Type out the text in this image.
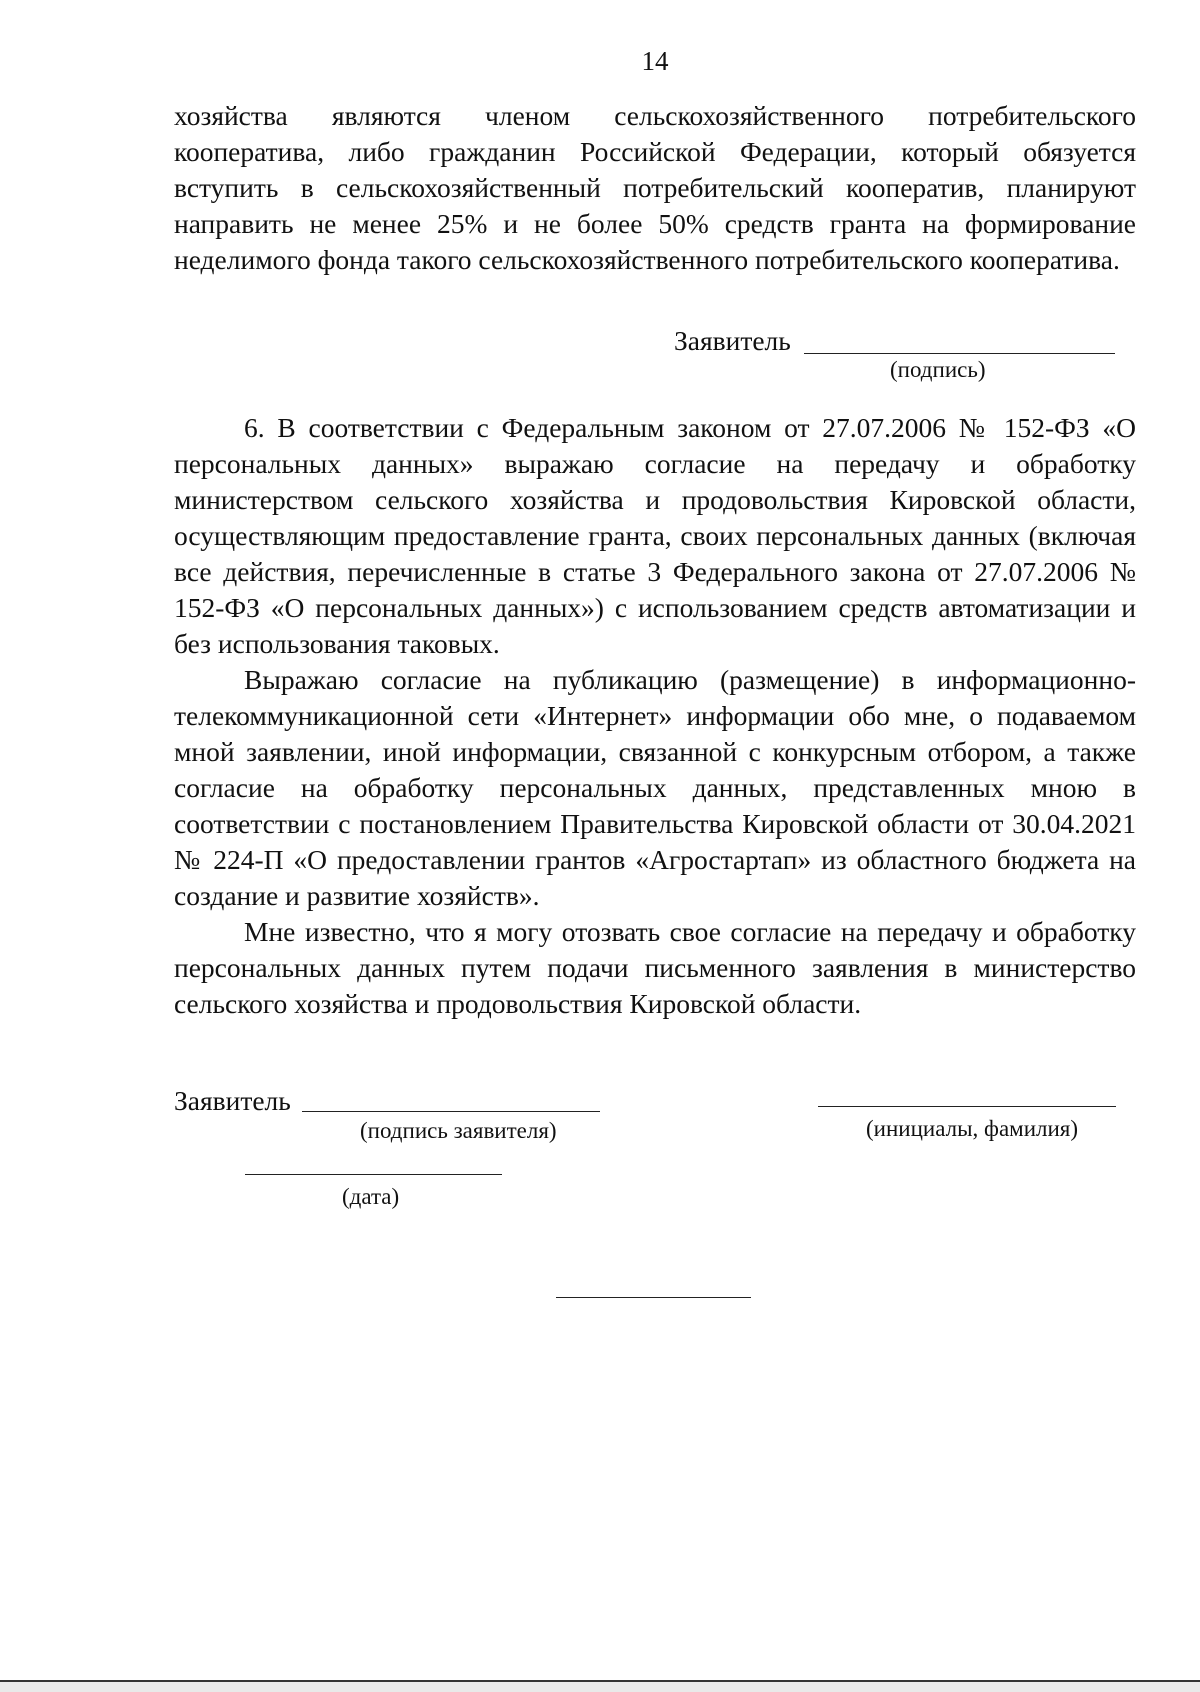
14

хозяйства являются членом сельскохозяйственного потребительского кооператива, либо гражданин Российской Федерации, который обязуется вступить в сельскохозяйственный потребительский кооператив, планируют направить не менее 25% и не более 50% средств гранта на формирование неделимого фонда такого сельскохозяйственного потребительского кооператива.

Заявитель
(подпись)

6. В соответствии с Федеральным законом от 27.07.2006 № 152-ФЗ «О персональных данных» выражаю согласие на передачу и обработку министерством сельского хозяйства и продовольствия Кировской области, осуществляющим предоставление гранта, своих персональных данных (включая все действия, перечисленные в статье 3 Федерального закона от 27.07.2006 № 152-ФЗ «О персональных данных») с использованием средств автоматизации и без использования таковых.

Выражаю согласие на публикацию (размещение) в информационно-телекоммуникационной сети «Интернет» информации обо мне, о подаваемом мной заявлении, иной информации, связанной с конкурсным отбором, а также согласие на обработку персональных данных, представленных мною в соответствии с постановлением Правительства Кировской области от 30.04.2021 № 224-П «О предоставлении грантов «Агростартап» из областного бюджета на создание и развитие хозяйств».

Мне известно, что я могу отозвать свое согласие на передачу и обработку персональных данных путем подачи письменного заявления в министерство сельского хозяйства и продовольствия Кировской области.

Заявитель
(подпись заявителя)	(инициалы, фамилия)
(дата)
